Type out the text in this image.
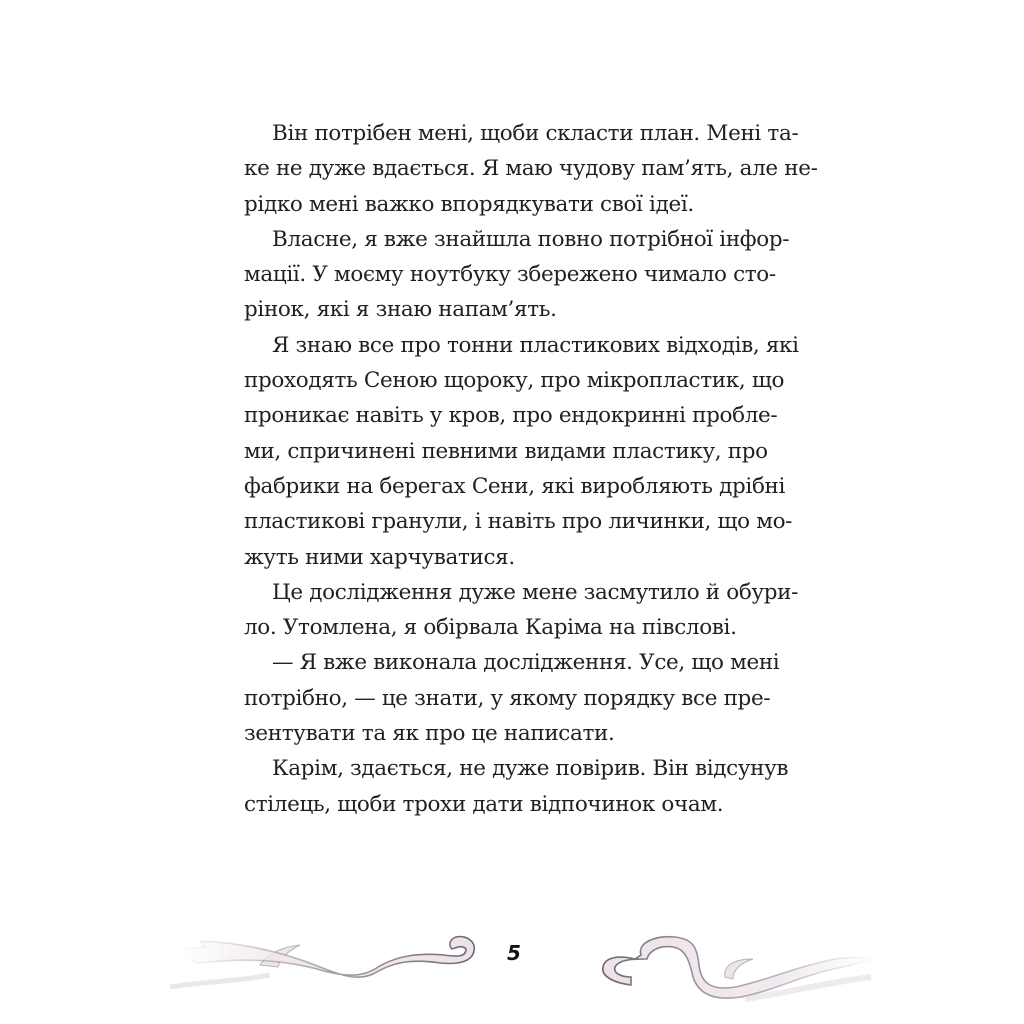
Він потрібен мені, щоби скласти план. Мені та-
ке не дуже вдається. Я маю чудову пам’ять, але не-
рідко мені важко впорядкувати свої ідеї.
Власне, я вже знайшла повно потрібної інфор-
мації. У моєму ноутбуку збережено чимало сто-
рінок, які я знаю напам’ять.
Я знаю все про тонни пластикових відходів, які
проходять Сеною щороку, про мікропластик, що
проникає навіть у кров, про ендокринні пробле-
ми, спричинені певними видами пластику, про
фабрики на берегах Сени, які виробляють дрібні
пластикові гранули, і навіть про личинки, що мо-
жуть ними харчуватися.
Це дослідження дуже мене засмутило й обури-
ло. Утомлена, я обірвала Каріма на півслові.
— Я вже виконала дослідження. Усе, що мені
потрібно, — це знати, у якому порядку все пре-
зентувати та як про це написати.
Карім, здається, не дуже повірив. Він відсунув
стілець, щоби трохи дати відпочинок очам.
5
